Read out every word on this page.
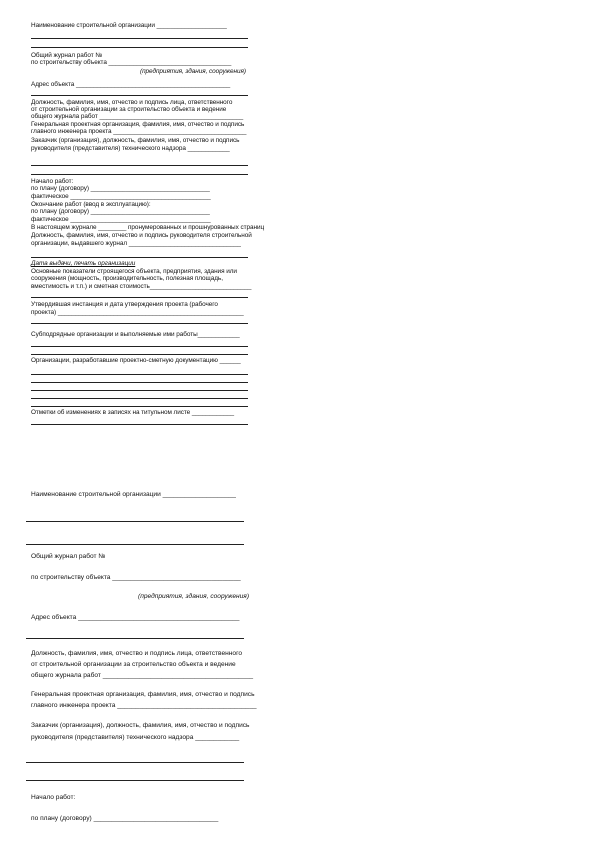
Наименование строительной организации ____________________
Общий журнал работ №
по строительству объекта ___________________________________
(предприятия, здания, сооружения)
Адрес объекта ____________________________________________
Должность, фамилия, имя, отчество и подпись лица, ответственного
от строительной организации за строительство объекта и ведение
общего журнала работ _________________________________________
Генеральная проектная организация, фамилия, имя, отчество и подпись
главного инженера проекта ______________________________________
Заказчик (организация), должность, фамилия, имя, отчество и подпись
руководителя (представителя) технического надзора ____________
Начало работ:
по плану (договору) __________________________________
фактическое ________________________________________
Окончание работ (ввод в эксплуатацию):
по плану (договору) __________________________________
фактическое ________________________________________
В настоящем журнале ________ пронумерованных и прошнурованных страниц
Должность, фамилия, имя, отчество и подпись руководителя строительной
организации, выдавшего журнал ________________________________
Дата выдачи, печать организации
Основные показатели строящегося объекта, предприятия, здания или
сооружения (мощность, производительность, полезная площадь,
вместимость и т.п.) и сметная стоимость_____________________________
Утвердившая инстанция и дата утверждения проекта (рабочего
проекта) _____________________________________________________
Субподрядные организации и выполняемые ими работы____________
Организации, разработавшие проектно-сметную документацию ______
Отметки об изменениях в записях на титульном листе ____________
Наименование строительной организации ____________________
Общий журнал работ №
по строительству объекта ___________________________________
(предприятия, здания, сооружения)
Адрес объекта ____________________________________________
Должность, фамилия, имя, отчество и подпись лица, ответственного
от строительной организации за строительство объекта и ведение
общего журнала работ _________________________________________
Генеральная проектная организация, фамилия, имя, отчество и подпись
главного инженера проекта ______________________________________
Заказчик (организация), должность, фамилия, имя, отчество и подпись
руководителя (представителя) технического надзора ____________
Начало работ:
по плану (договору) __________________________________
